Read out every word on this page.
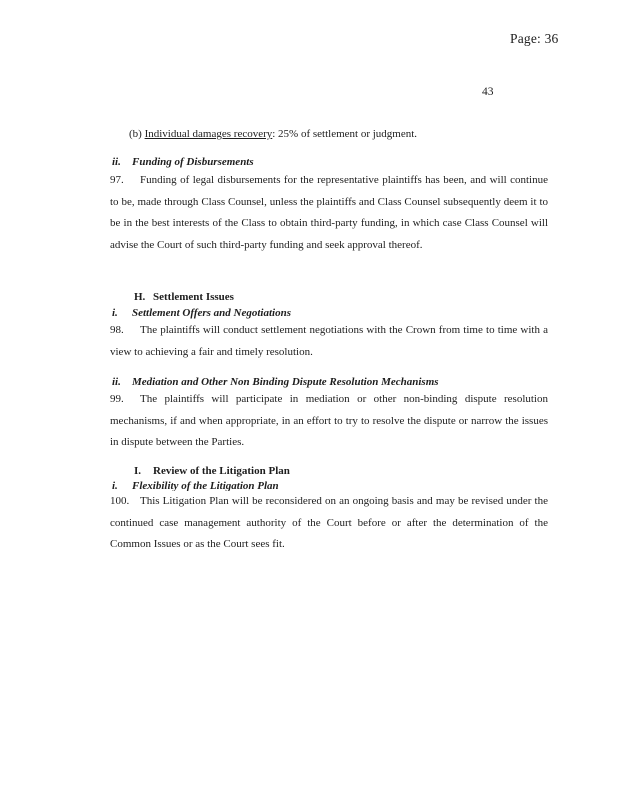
Page: 36
43
(b) Individual damages recovery: 25% of settlement or judgment.
ii. Funding of Disbursements
97. Funding of legal disbursements for the representative plaintiffs has been, and will continue to be, made through Class Counsel, unless the plaintiffs and Class Counsel subsequently deem it to be in the best interests of the Class to obtain third-party funding, in which case Class Counsel will advise the Court of such third-party funding and seek approval thereof.
H. Settlement Issues
i. Settlement Offers and Negotiations
98. The plaintiffs will conduct settlement negotiations with the Crown from time to time with a view to achieving a fair and timely resolution.
ii. Mediation and Other Non Binding Dispute Resolution Mechanisms
99. The plaintiffs will participate in mediation or other non-binding dispute resolution mechanisms, if and when appropriate, in an effort to try to resolve the dispute or narrow the issues in dispute between the Parties.
I. Review of the Litigation Plan
i. Flexibility of the Litigation Plan
100. This Litigation Plan will be reconsidered on an ongoing basis and may be revised under the continued case management authority of the Court before or after the determination of the Common Issues or as the Court sees fit.
